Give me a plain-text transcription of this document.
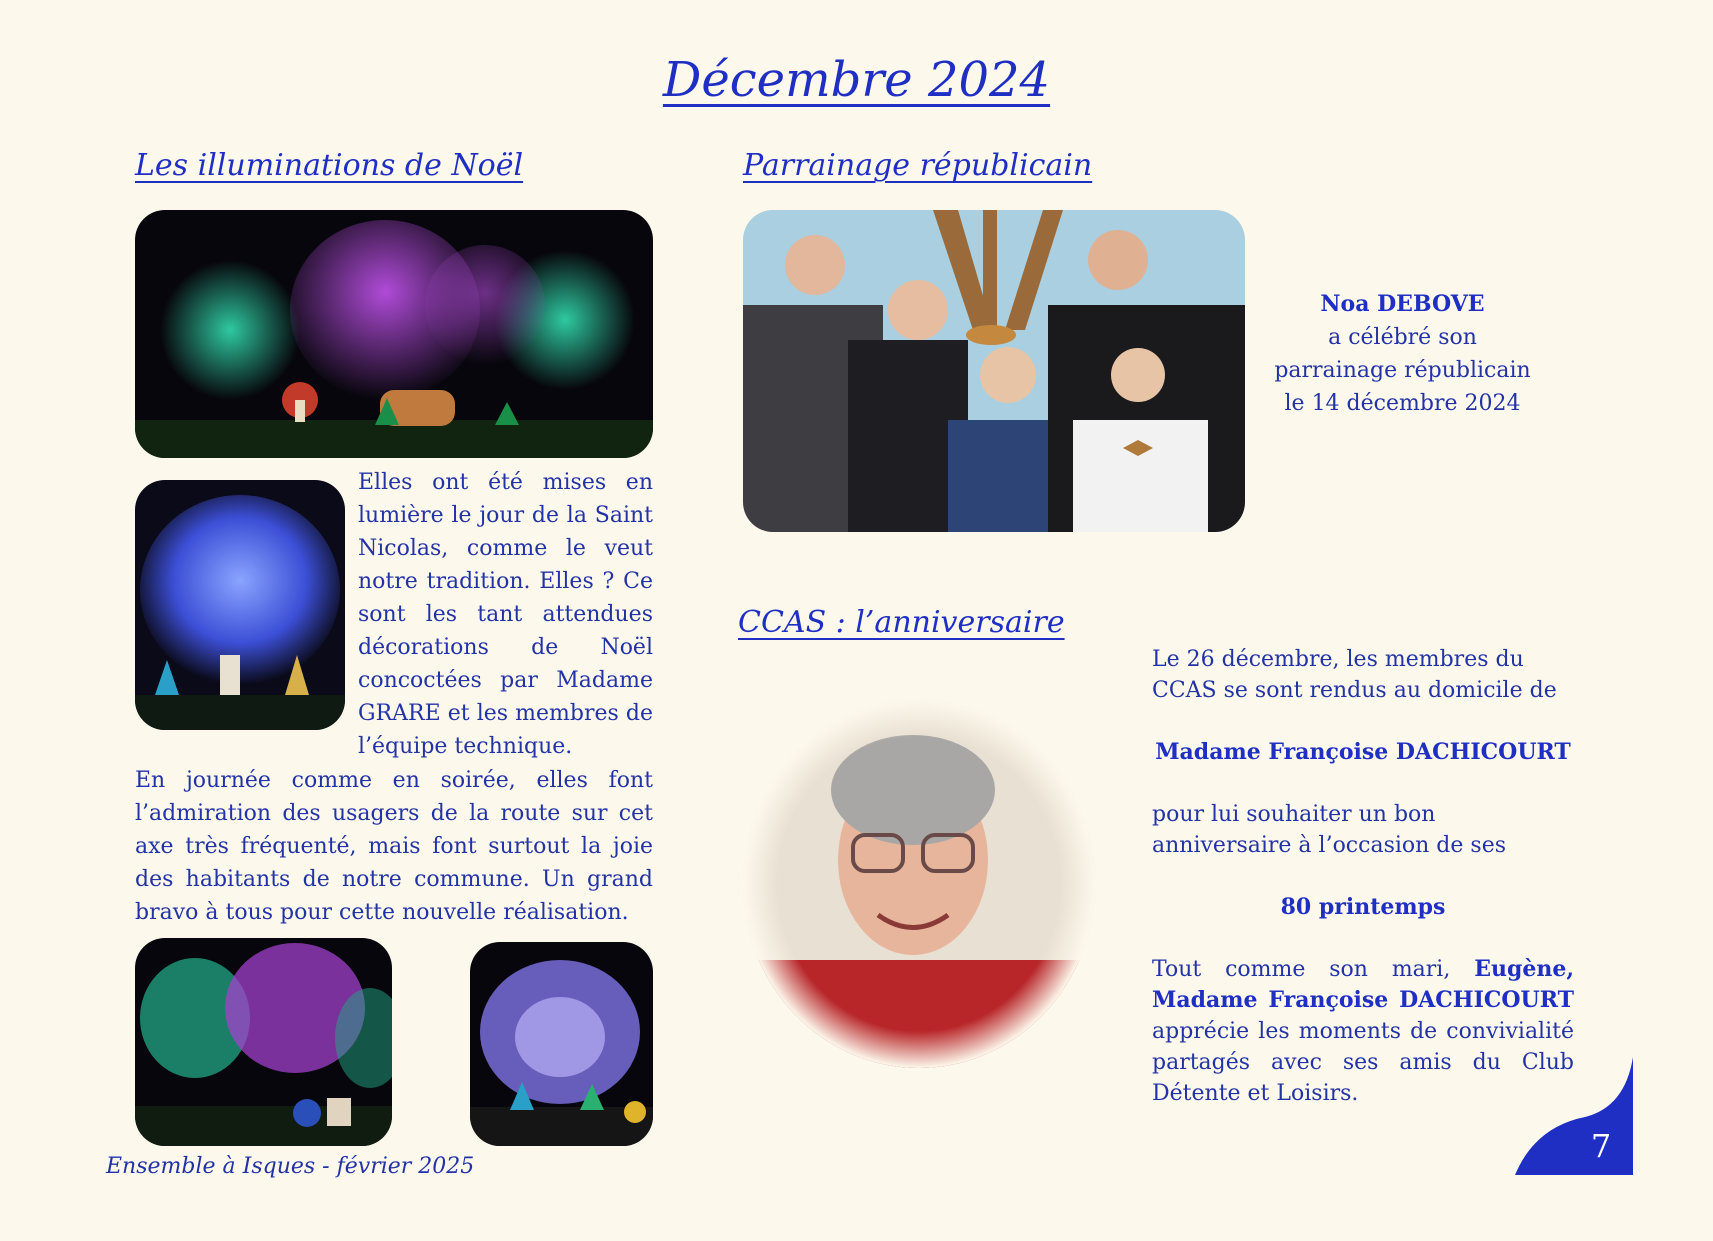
Décembre 2024
Les illuminations de Noël
Elles ont été mises en lumière le jour de la Saint Nicolas, comme le veut notre tradition. Elles ? Ce sont les tant attendues décorations de Noël concoctées par Madame GRARE et les membres de l’équipe technique.
En journée comme en soirée, elles font l’admiration des usagers de la route sur cet axe très fréquenté, mais font surtout la joie des habitants de notre commune. Un grand bravo à tous pour cette nouvelle réalisation.
Ensemble à Isques - février 2025
Parrainage républicain
Noa DEBOVE
a célébré son
parrainage républicain
le 14 décembre 2024
CCAS : l’anniversaire
Le 26 décembre, les membres du CCAS se sont rendus au domicile de
Madame Françoise DACHICOURT
pour lui souhaiter un bon anniversaire à l’occasion de ses
80 printemps
Tout comme son mari, Eugène, Madame Françoise DACHICOURT apprécie les moments de convivialité partagés avec ses amis du Club Détente et Loisirs.
7
